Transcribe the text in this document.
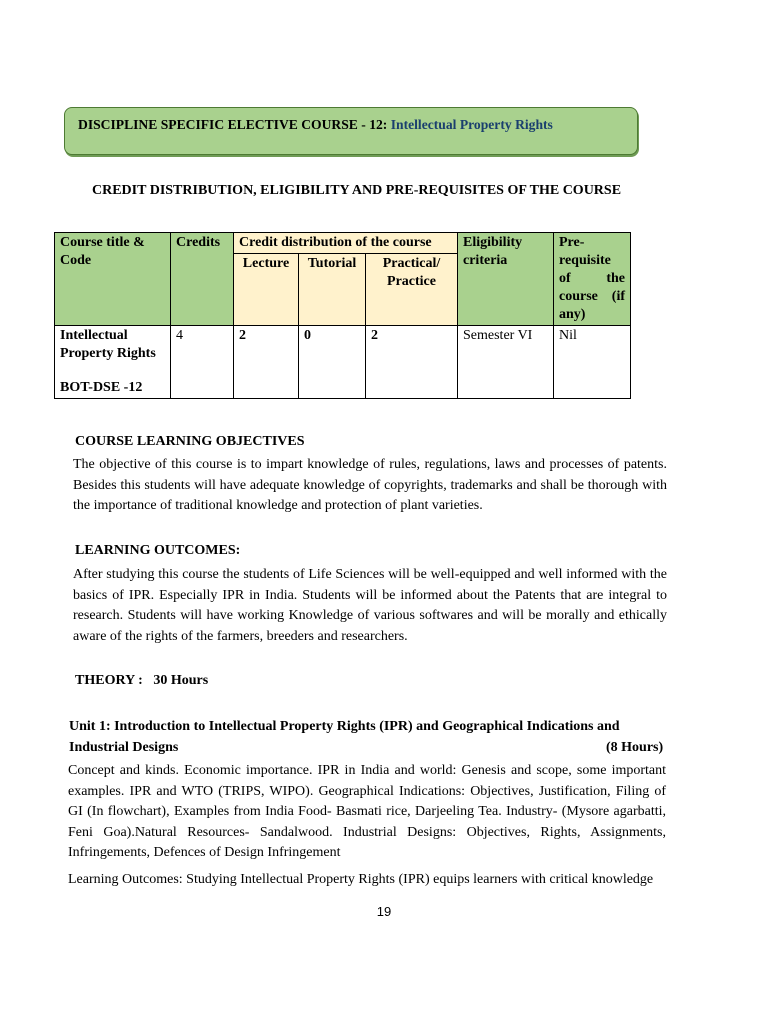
DISCIPLINE SPECIFIC ELECTIVE COURSE - 12: Intellectual Property Rights
CREDIT DISTRIBUTION, ELIGIBILITY AND PRE-REQUISITES OF THE COURSE
Course title & Code	Credits	Credit distribution of the course			Eligibility criteria	Pre-requisite of the course (if any)
		Lecture	Tutorial	Practical/ Practice		

Intellectual Property Rights
BOT-DSE -12	4	2	0	2	Semester VI	Nil
COURSE LEARNING OBJECTIVES

The objective of this course is to impart knowledge of rules, regulations, laws and processes of patents. Besides this students will have adequate knowledge of copyrights, trademarks and shall be thorough with the importance of traditional knowledge and protection of plant varieties.

LEARNING OUTCOMES:

After studying this course the students of Life Sciences will be well-equipped and well informed with the basics of IPR. Especially IPR in India. Students will be informed about the Patents that are integral to research. Students will have working Knowledge of various softwares and will be morally and ethically aware of the rights of the farmers, breeders and researchers.

THEORY : 30 Hours
Unit 1: Introduction to Intellectual Property Rights (IPR) and Geographical Indications and
Industrial Designs	(8 Hours)

Concept and kinds. Economic importance. IPR in India and world: Genesis and scope, some important examples. IPR and WTO (TRIPS, WIPO). Geographical Indications: Objectives, Justification, Filing of GI (In flowchart), Examples from India Food- Basmati rice, Darjeeling Tea. Industry- (Mysore agarbatti, Feni Goa).Natural Resources- Sandalwood. Industrial Designs: Objectives, Rights, Assignments, Infringements, Defences of Design Infringement

Learning Outcomes: Studying Intellectual Property Rights (IPR) equips learners with critical knowledge

19
